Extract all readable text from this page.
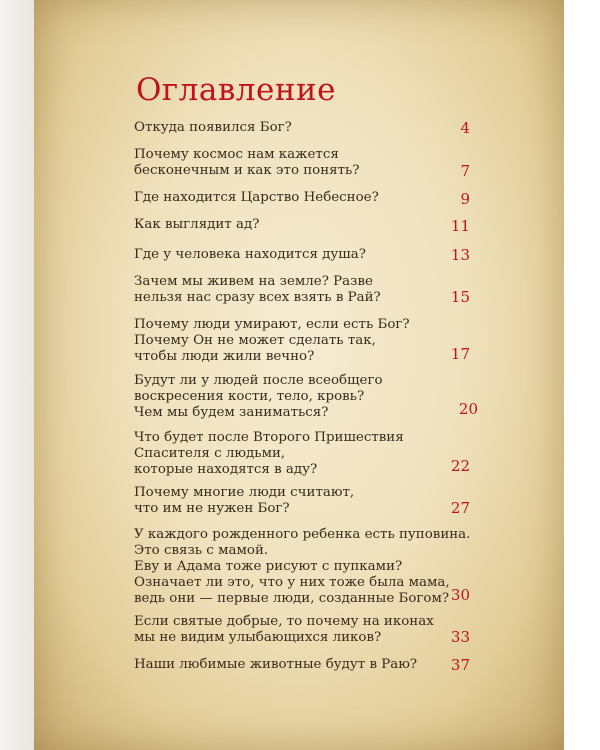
Оглавление
Откуда появился Бог?	4
Почему космос нам кажется
бесконечным и как это понять?	7
Где находится Царство Небесное?	9
Как выглядит ад?	11
Где у человека находится душа?	13
Зачем мы живем на земле? Разве
нельзя нас сразу всех взять в Рай?	15
Почему люди умирают, если есть Бог?
Почему Он не может сделать так,
чтобы люди жили вечно?	17
Будут ли у людей после всеобщего
воскресения кости, тело, кровь?
Чем мы будем заниматься?	20
Что будет после Второго Пришествия
Спасителя с людьми,
которые находятся в аду?	22
Почему многие люди считают,
что им не нужен Бог?	27
У каждого рожденного ребенка есть пуповина.
Это связь с мамой.
Еву и Адама тоже рисуют с пупками?
Означает ли это, что у них тоже была мама,
ведь они — первые люди, созданные Богом? 30
Если святые добрые, то почему на иконах
мы не видим улыбающихся ликов?	33
Наши любимые животные будут в Раю?	37
